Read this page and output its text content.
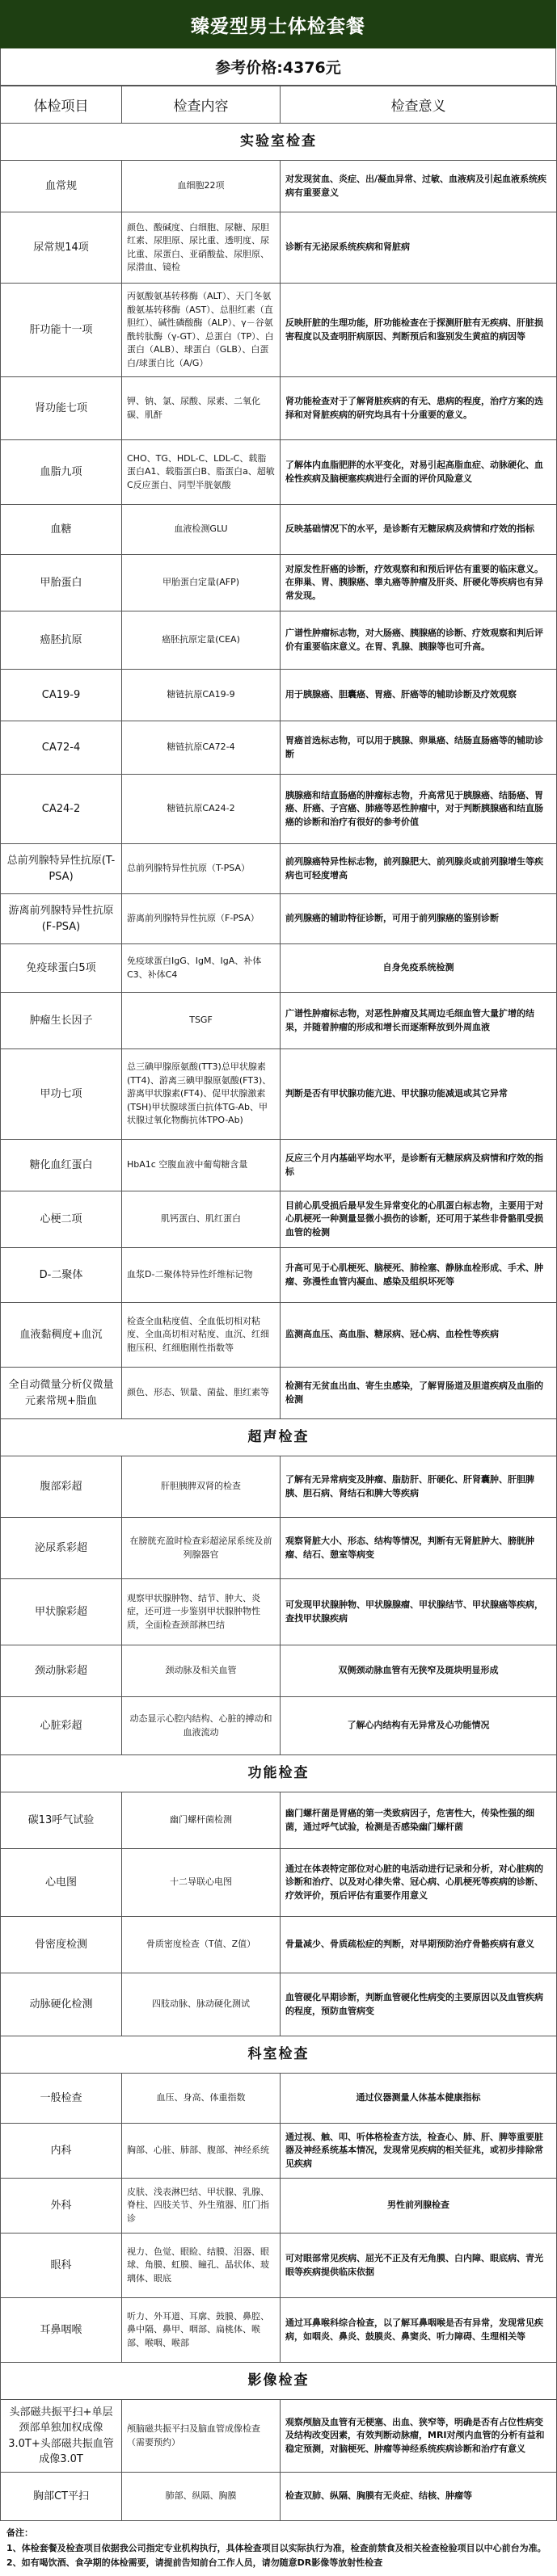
臻爱型男士体检套餐
参考价格:4376元
体检项目	检查内容	检查意义
实验室检查		
血常规	血细胞22项	对发现贫血、炎症、出/凝血异常、过敏、血液病及引起血液系统疾病有重要意义
尿常规14项	颜色、酸碱度、白细胞、尿糖、尿胆红素、尿胆原、尿比重、透明度、尿比重、尿蛋白、亚硝酸盐、尿胆原、尿潜血、镜检	诊断有无泌尿系统疾病和肾脏病
肝功能十一项	丙氨酸氨基转移酶（ALT）、天门冬氨酸氨基转移酶（AST）、总胆红素（直胆红）、碱性磷酸酶（ALP）、γ－谷氨酰转肽酶（γ-GT）、总蛋白（TP）、白蛋白（ALB）、球蛋白（GLB）、白蛋白/球蛋白比（A/G）	反映肝脏的生理功能，肝功能检查在于探测肝脏有无疾病、肝脏损害程度以及查明肝病原因、判断预后和鉴别发生黄疸的病因等
肾功能七项	钾、钠、氯、尿酸、尿素、二氧化碳、肌酐	肾功能检查对于了解肾脏疾病的有无、患病的程度，治疗方案的选择和对肾脏疾病的研究均具有十分重要的意义。
血脂九项	CHO、TG、HDL-C、LDL-C、载脂蛋白A1、载脂蛋白B、脂蛋白a、超敏C反应蛋白、同型半胱氨酸	了解体内血脂肥胖的水平变化，对易引起高脂血症、动脉硬化、血栓性疾病及脑梗塞疾病进行全面的评价风险意义
血糖	血液检测GLU	反映基础情况下的水平，是诊断有无糖尿病及病情和疗效的指标
甲胎蛋白	甲胎蛋白定量(AFP)	对原发性肝癌的诊断，疗效观察和和预后评估有重要的临床意义。在卵巢、胃、胰腺癌、睾丸癌等肿瘤及肝炎、肝硬化等疾病也有异常发现。
癌胚抗原	癌胚抗原定量(CEA)	广谱性肿瘤标志物，对大肠癌、胰腺癌的诊断、疗效观察和判后评价有重要临床意义。在胃、乳腺、胰腺等也可升高。
CA19-9	糖链抗原CA19-9	用于胰腺癌、胆囊癌、胃癌、肝癌等的辅助诊断及疗效观察
CA72-4	糖链抗原CA72-4	胃癌首选标志物，可以用于胰腺、卵巢癌、结肠直肠癌等的辅助诊断
CA24-2	糖链抗原CA24-2	胰腺癌和结直肠癌的肿瘤标志物，升高常见于胰腺癌、结肠癌、胃癌、肝癌、子宫癌、肺癌等恶性肿瘤中，对于判断胰腺癌和结直肠癌的诊断和治疗有很好的参考价值
总前列腺特异性抗原(T-PSA)	总前列腺特异性抗原（T-PSA）	前列腺癌特异性标志物，前列腺肥大、前列腺炎或前列腺增生等疾病也可轻度增高
游离前列腺特异性抗原(F-PSA)	游离前列腺特异性抗原（F-PSA）	前列腺癌的辅助特征诊断，可用于前列腺癌的鉴别诊断
免疫球蛋白5项	免疫球蛋白IgG、IgM、IgA、补体C3、补体C4	自身免疫系统检测
肿瘤生长因子	TSGF	广谱性肿瘤标志物，对恶性肿瘤及其周边毛细血管大量扩增的结果，并随着肿瘤的形成和增长而逐渐释放到外周血液
甲功七项	总三碘甲腺原氨酸(TT3)总甲状腺素(TT4)、游离三碘甲腺原氨酸(FT3)、游离甲状腺素(FT4)、促甲状腺激素(TSH)甲状腺球蛋白抗体TG-Ab、甲状腺过氧化物酶抗体TPO-Ab)	判断是否有甲状腺功能亢进、甲状腺功能减退或其它异常
糖化血红蛋白	HbA1c 空腹血液中葡萄糖含量	反应三个月内基础平均水平，是诊断有无糖尿病及病情和疗效的指标
心梗二项	肌钙蛋白、肌红蛋白	目前心肌受损后最早发生异常变化的心肌蛋白标志物，主要用于对心肌梗死一种测量显微小损伤的诊断，还可用于某些非骨骼肌受损血管的检测
D-二聚体	血浆D-二聚体特异性纤维标记物	升高可见于心肌梗死、脑梗死、肺栓塞、静脉血栓形成、手术、肿瘤、弥漫性血管内凝血、感染及组织坏死等
血液黏稠度+血沉	检查全血粘度值、全血低切相对粘度、全血高切相对粘度、血沉、红细胞压积、红细胞刚性指数等	监测高血压、高血脂、糖尿病、冠心病、血栓性等疾病
全自动微量分析仪微量元素常规+脂血	颜色、形态、钡量、菌盐、胆红素等	检测有无贫血出血、寄生虫感染，了解胃肠道及胆道疾病及血脂的检测
超声检查		
腹部彩超	肝胆胰脾双肾的检查	了解有无异常病变及肿瘤、脂肪肝、肝硬化、肝肾囊肿、肝胆脾胰、胆石病、肾结石和脾大等疾病
泌尿系彩超	在膀胱充盈时检查彩超泌尿系统及前列腺器官	观察肾脏大小、形态、结构等情况，判断有无肾脏肿大、膀胱肿瘤、结石、憩室等病变
甲状腺彩超	观察甲状腺肿物、结节、肿大、炎症，还可进一步鉴别甲状腺肿物性质，全面检查颈部淋巴结	可发现甲状腺肿物、甲状腺腺瘤、甲状腺结节、甲状腺癌等疾病，查找甲状腺疾病
颈动脉彩超	颈动脉及相关血管	双侧颈动脉血管有无狭窄及斑块明显形成
心脏彩超	动态显示心腔内结构、心脏的搏动和血液流动	了解心内结构有无异常及心功能情况
功能检查		
碳13呼气试验	幽门螺杆菌检测	幽门螺杆菌是胃癌的第一类致病因子，危害性大，传染性强的细菌，通过呼气试验，检测是否感染幽门螺杆菌
心电图	十二导联心电图	通过在体表特定部位对心脏的电活动进行记录和分析，对心脏病的诊断和治疗、以及对心律失常、冠心病、心肌梗死等疾病的诊断、疗效评价，预后评估有重要作用意义
骨密度检测	骨质密度检查（T值、Z值）	骨量减少、骨质疏松症的判断，对早期预防治疗骨骼疾病有意义
动脉硬化检测	四肢动脉、脉动硬化测试	血管硬化早期诊断，判断血管硬化性病变的主要原因以及血管疾病的程度，预防血管病变
科室检查		
一般检查	血压、身高、体重指数	通过仪器测量人体基本健康指标
内科	胸部、心脏、肺部、腹部、神经系统	通过视、触、叩、听体格检查方法，检查心、肺、肝、脾等重要脏器及神经系统基本情况，发现常见疾病的相关征兆，或初步排除常见疾病
外科	皮肤、浅表淋巴结、甲状腺、乳腺、脊柱、四肢关节、外生殖器、肛门指诊	男性前列腺检查
眼科	视力、色觉、眼睑、结膜、泪器、眼球、角膜、虹膜、瞳孔、晶状体、玻璃体、眼底	可对眼部常见疾病、屈光不正及有无角膜、白内障、眼底病、青光眼等疾病提供临床依据
耳鼻咽喉	听力、外耳道、耳廓、鼓膜、鼻腔、鼻中隔、鼻甲、咽部、扁桃体、喉部、喉咽、喉部	通过耳鼻喉科综合检查，以了解耳鼻咽喉是否有异常，发现常见疾病，如咽炎、鼻炎、鼓膜炎、鼻窦炎、听力障碍、生理相关等
影像检查		
头部磁共振平扫+单层颈部单独加权成像3.0T+头部磁共振血管成像3.0T	颅脑磁共振平扫及脑血管成像检查（需要预约）	观察颅脑及血管有无梗塞、出血、狭窄等，明确是否有占位性病变及结构改变因素，有效判断动脉瘤，MRI对颅内血管的分析有益和稳定预测，对脑梗死、肿瘤等神经系统疾病诊断和治疗有意义
胸部CT平扫	肺部、纵隔、胸膜	检查双肺、纵隔、胸膜有无炎症、结核、肿瘤等
备注：
1、体检套餐及检查项目依据我公司指定专业机构执行，具体检查项目以实际执行为准，检查前禁食及相关检查检验项目以中心前台为准。
2、如有喝饮酒、食孕期的体检需要，请提前告知前台工作人员，请勿随意DR影像等放射性检查
